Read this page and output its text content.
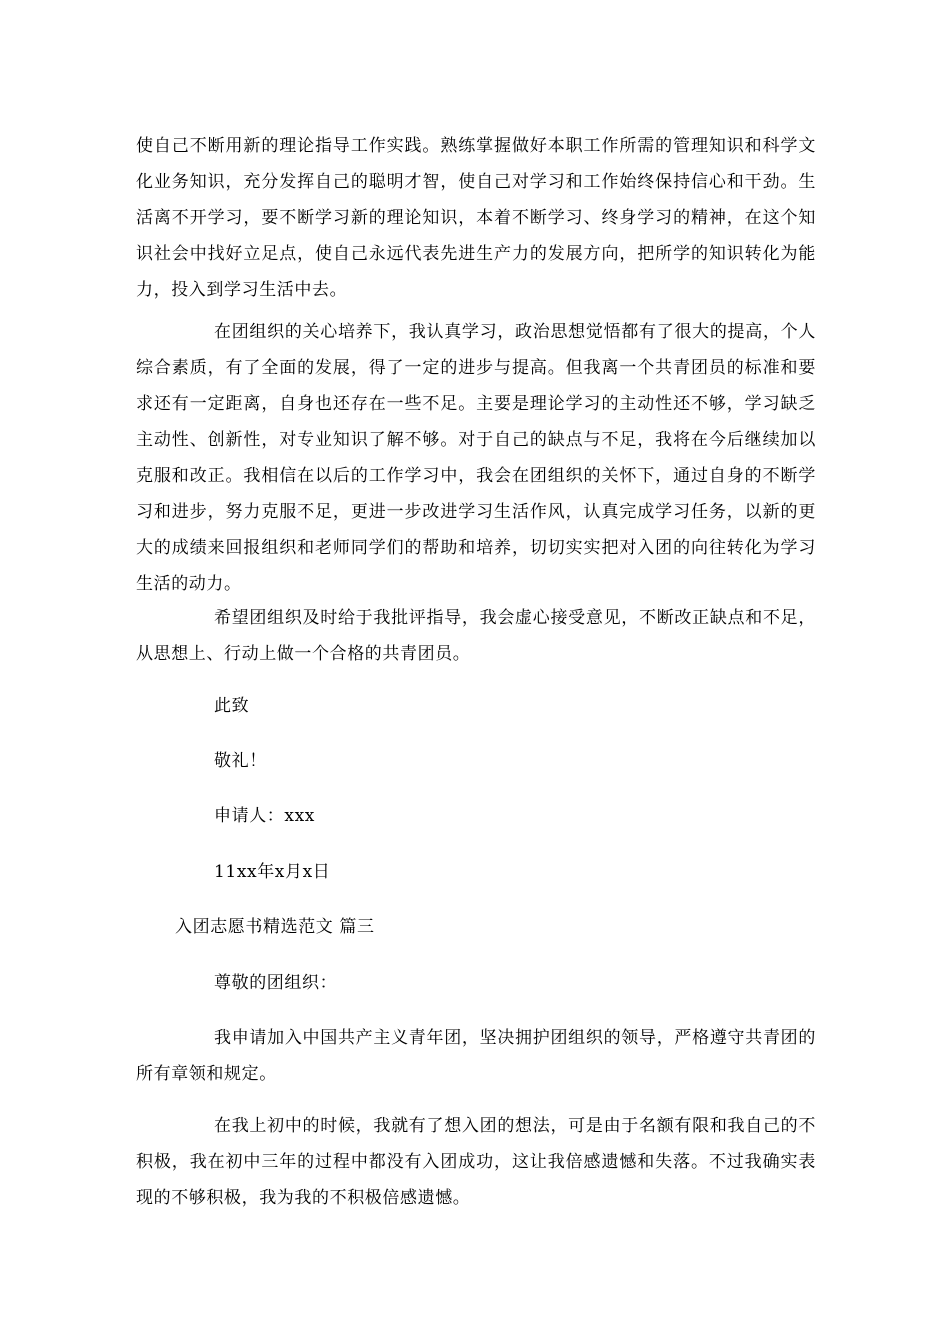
使自己不断用新的理论指导工作实践。熟练掌握做好本职工作所需的管理知识和科学文化业务知识，充分发挥自己的聪明才智，使自己对学习和工作始终保持信心和干劲。生活离不开学习，要不断学习新的理论知识，本着不断学习、终身学习的精神，在这个知识社会中找好立足点，使自己永远代表先进生产力的发展方向，把所学的知识转化为能力，投入到学习生活中去。

在团组织的关心培养下，我认真学习，政治思想觉悟都有了很大的提高，个人综合素质，有了全面的发展，得了一定的进步与提高。但我离一个共青团员的标准和要求还有一定距离，自身也还存在一些不足。主要是理论学习的主动性还不够，学习缺乏主动性、创新性，对专业知识了解不够。对于自己的缺点与不足，我将在今后继续加以克服和改正。我相信在以后的工作学习中，我会在团组织的关怀下，通过自身的不断学习和进步，努力克服不足，更进一步改进学习生活作风，认真完成学习任务，以新的更大的成绩来回报组织和老师同学们的帮助和培养，切切实实把对入团的向往转化为学习生活的动力。

希望团组织及时给于我批评指导，我会虚心接受意见，不断改正缺点和不足，从思想上、行动上做一个合格的共青团员。

此致

敬礼！

申请人：xxx

11xx年x月x日

入团志愿书精选范文 篇三

尊敬的团组织：

我申请加入中国共产主义青年团，坚决拥护团组织的领导，严格遵守共青团的所有章领和规定。

在我上初中的时候，我就有了想入团的想法，可是由于名额有限和我自己的不积极，我在初中三年的过程中都没有入团成功，这让我倍感遗憾和失落。不过我确实表现的不够积极，我为我的不积极倍感遗憾。
